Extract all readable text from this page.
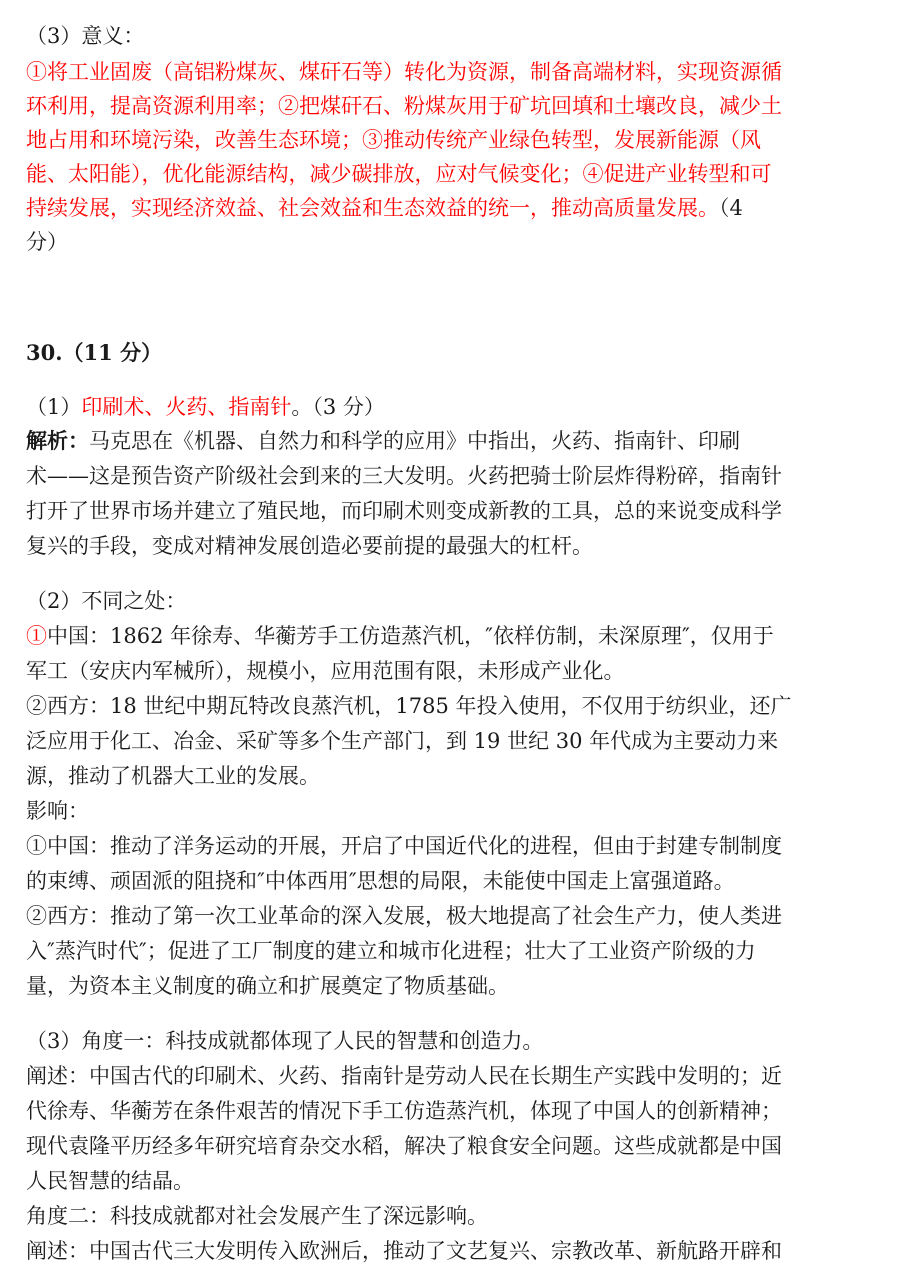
（3）意义：
①将工业固废（高铝粉煤灰、煤矸石等）转化为资源，制备高端材料，实现资源循
环利用，提高资源利用率；②把煤矸石、粉煤灰用于矿坑回填和土壤改良，减少土
地占用和环境污染，改善生态环境；③推动传统产业绿色转型，发展新能源（风
能、太阳能），优化能源结构，减少碳排放，应对气候变化；④促进产业转型和可
持续发展，实现经济效益、社会效益和生态效益的统一，推动高质量发展。（4
分）
30.（11 分）
（1）印刷术、火药、指南针。（3 分）
解析：马克思在《机器、自然力和科学的应用》中指出，火药、指南针、印刷
术——这是预告资产阶级社会到来的三大发明。火药把骑士阶层炸得粉碎，指南针
打开了世界市场并建立了殖民地，而印刷术则变成新教的工具，总的来说变成科学
复兴的手段，变成对精神发展创造必要前提的最强大的杠杆。
（2）不同之处：
①中国：1862 年徐寿、华蘅芳手工仿造蒸汽机，″依样仿制，未深原理″，仅用于
军工（安庆内军械所），规模小，应用范围有限，未形成产业化。
②西方：18 世纪中期瓦特改良蒸汽机，1785 年投入使用，不仅用于纺织业，还广
泛应用于化工、冶金、采矿等多个生产部门，到 19 世纪 30 年代成为主要动力来
源，推动了机器大工业的发展。
影响：
①中国：推动了洋务运动的开展，开启了中国近代化的进程，但由于封建专制制度
的束缚、顽固派的阻挠和″中体西用″思想的局限，未能使中国走上富强道路。
②西方：推动了第一次工业革命的深入发展，极大地提高了社会生产力，使人类进
入″蒸汽时代″；促进了工厂制度的建立和城市化进程；壮大了工业资产阶级的力
量，为资本主义制度的确立和扩展奠定了物质基础。
（3）角度一：科技成就都体现了人民的智慧和创造力。
阐述：中国古代的印刷术、火药、指南针是劳动人民在长期生产实践中发明的；近
代徐寿、华蘅芳在条件艰苦的情况下手工仿造蒸汽机，体现了中国人的创新精神；
现代袁隆平历经多年研究培育杂交水稻，解决了粮食安全问题。这些成就都是中国
人民智慧的结晶。
角度二：科技成就都对社会发展产生了深远影响。
阐述：中国古代三大发明传入欧洲后，推动了文艺复兴、宗教改革、新航路开辟和
